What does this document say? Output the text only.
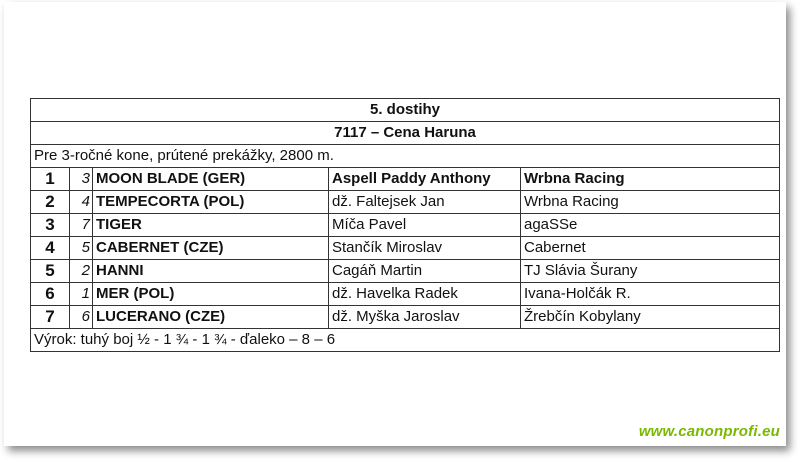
5. dostihy				
7117 – Cena Haruna				
Pre 3-ročné kone, prútené prekážky, 2800 m.				
1	3	MOON BLADE (GER)	Aspell Paddy Anthony	Wrbna Racing
2	4	TEMPECORTA (POL)	dž. Faltejsek Jan	Wrbna Racing
3	7	TIGER	Míča Pavel	agaSSe
4	5	CABERNET (CZE)	Stančík Miroslav	Cabernet
5	2	HANNI	Cagáň Martin	TJ Slávia Šurany
6	1	MER (POL)	dž. Havelka Radek	Ivana-Holčák R.
7	6	LUCERANO (CZE)	dž. Myška Jaroslav	Žrebčín Kobylany
Výrok: tuhý boj ½ - 1 ¾ - 1 ¾ - ďaleko – 8 – 6				
www.canonprofi.eu
